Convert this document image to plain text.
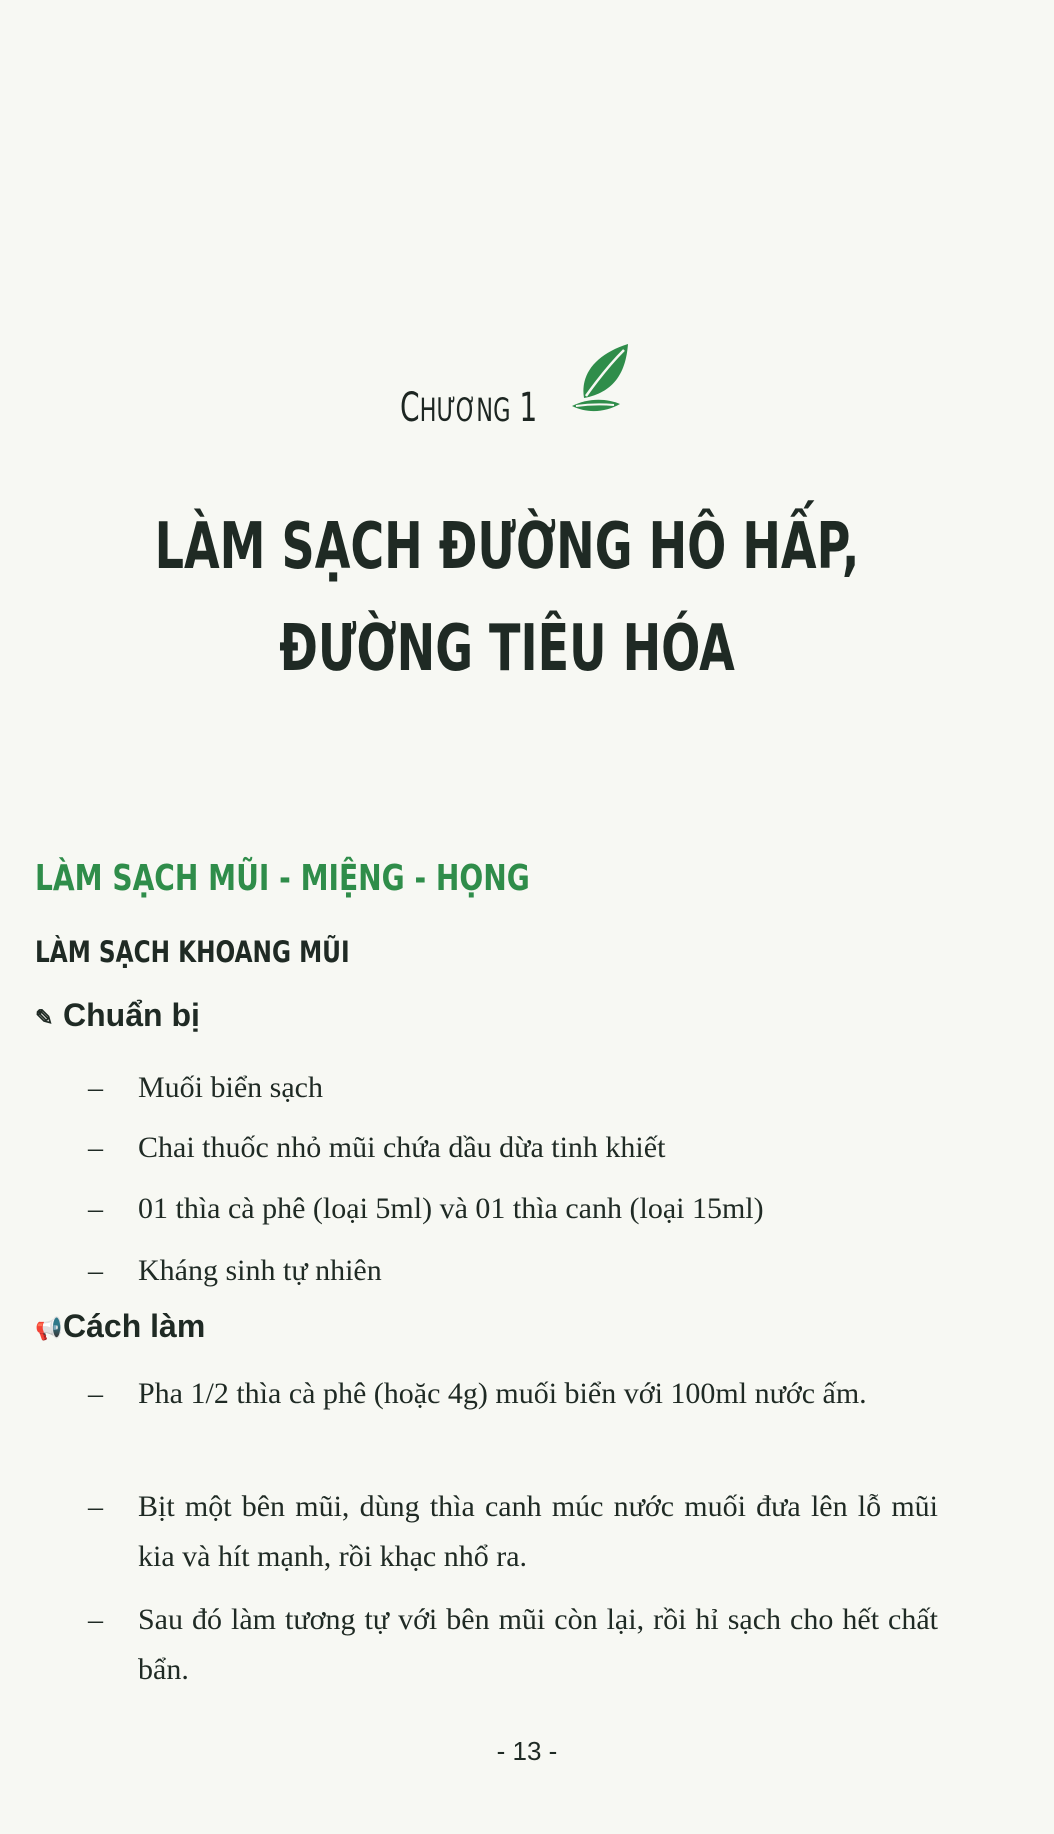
CHƯƠNG 1
LÀM SẠCH ĐƯỜNG HÔ HẤP,
ĐƯỜNG TIÊU HÓA
LÀM SẠCH MŨI - MIỆNG - HỌNG
LÀM SẠCH KHOANG MŨI
✎ Chuẩn bị
– Muối biển sạch
– Chai thuốc nhỏ mũi chứa dầu dừa tinh khiết
– 01 thìa cà phê (loại 5ml) và 01 thìa canh (loại 15ml)
– Kháng sinh tự nhiên
📢Cách làm
– Pha 1/2 thìa cà phê (hoặc 4g) muối biển với 100ml nước ấm.
– Bịt một bên mũi, dùng thìa canh múc nước muối đưa lên lỗ mũi kia và hít mạnh, rồi khạc nhổ ra.
– Sau đó làm tương tự với bên mũi còn lại, rồi hỉ sạch cho hết chất bẩn.
- 13 -
